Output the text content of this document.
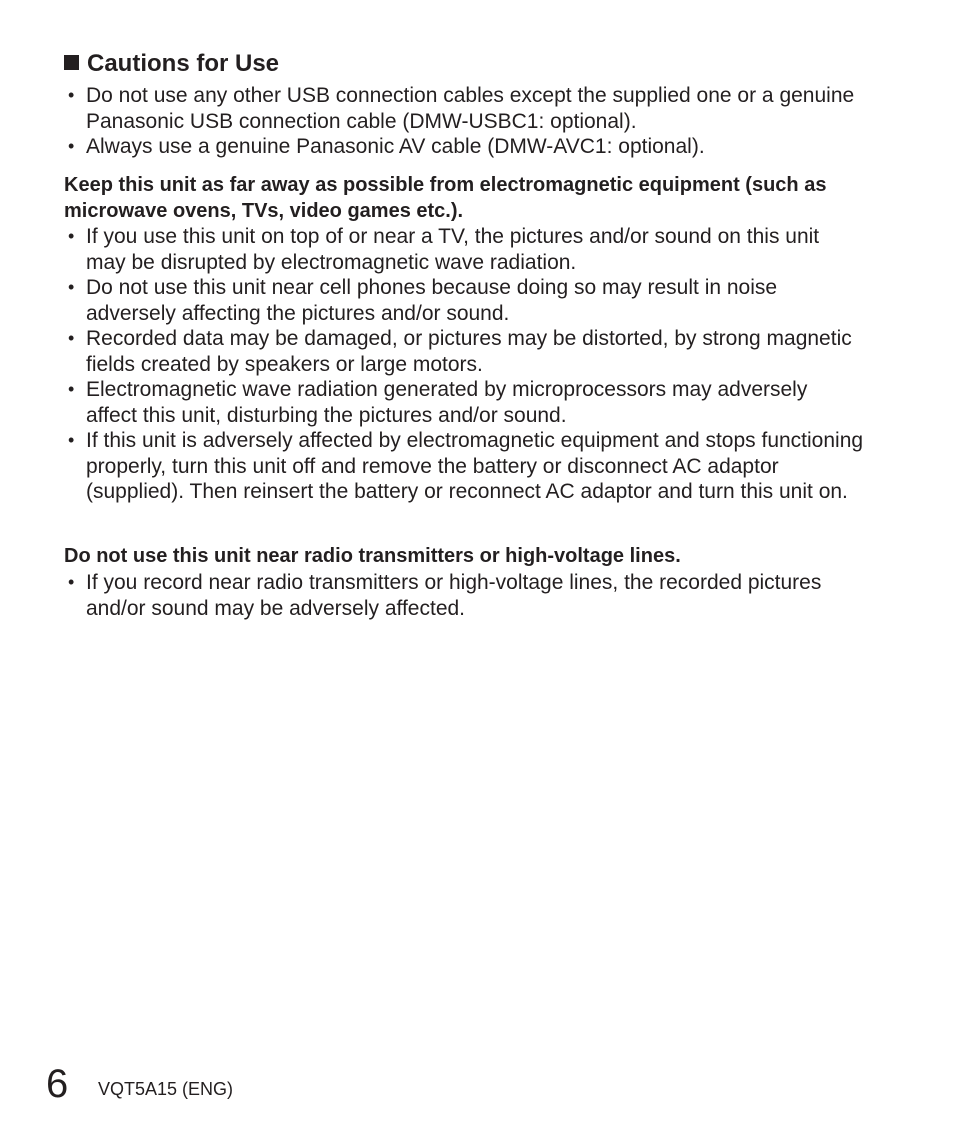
Cautions for Use
• Do not use any other USB connection cables except the supplied one or a genuine Panasonic USB connection cable (DMW-USBC1: optional).
• Always use a genuine Panasonic AV cable (DMW-AVC1: optional).
Keep this unit as far away as possible from electromagnetic equipment (such as microwave ovens, TVs, video games etc.).
• If you use this unit on top of or near a TV, the pictures and/or sound on this unit may be disrupted by electromagnetic wave radiation.
• Do not use this unit near cell phones because doing so may result in noise adversely affecting the pictures and/or sound.
• Recorded data may be damaged, or pictures may be distorted, by strong magnetic fields created by speakers or large motors.
• Electromagnetic wave radiation generated by microprocessors may adversely affect this unit, disturbing the pictures and/or sound.
• If this unit is adversely affected by electromagnetic equipment and stops functioning properly, turn this unit off and remove the battery or disconnect AC adaptor (supplied). Then reinsert the battery or reconnect AC adaptor and turn this unit on.
Do not use this unit near radio transmitters or high-voltage lines.
• If you record near radio transmitters or high-voltage lines, the recorded pictures and/or sound may be adversely affected.
6 VQT5A15 (ENG)
